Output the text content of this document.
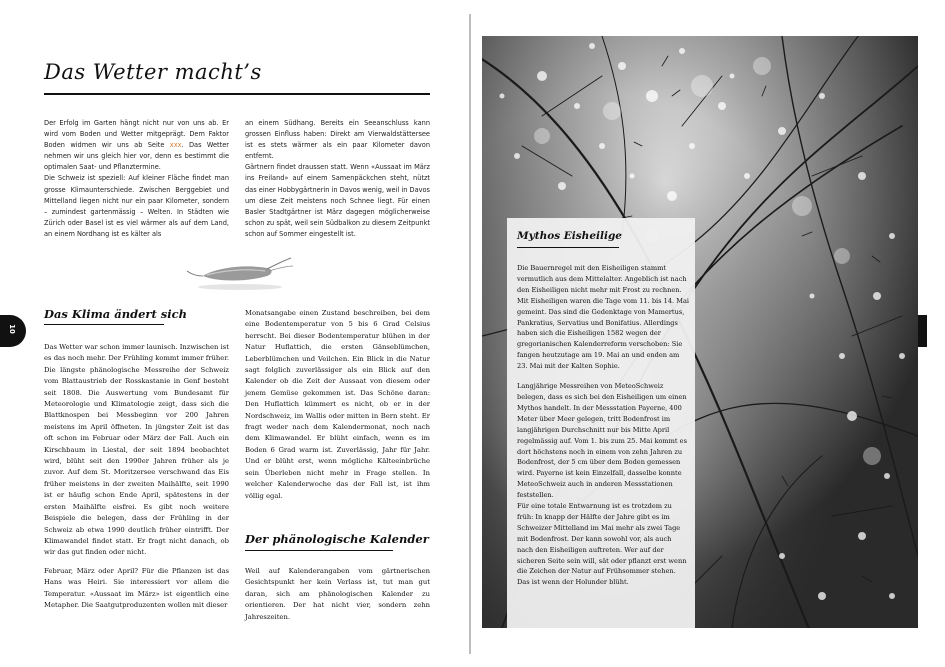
Das Wetter macht’s

Der Erfolg im Garten hängt nicht nur von uns ab. Er wird vom Boden und Wetter mitgeprägt. Dem Faktor Boden widmen wir uns ab Seite xxx. Das Wetter nehmen wir uns gleich hier vor, denn es bestimmt die optimalen Saat- und Pflanztermine.

Die Schweiz ist speziell: Auf kleiner Fläche findet man grosse Klimaunterschiede. Zwischen Berggebiet und Mittelland liegen nicht nur ein paar Kilometer, sondern – zumindest gartenmässig – Welten. In Städten wie Zürich oder Basel ist es viel wärmer als auf dem Land, an einem Nordhang ist es kälter als

an einem Südhang. Bereits ein Seeanschluss kann grossen Einfluss haben: Direkt am Vierwaldstättersee ist es stets wärmer als ein paar Kilometer davon entfernt.

Gärtnern findet draussen statt. Wenn «Aussaat im März ins Freiland» auf einem Samenpäckchen steht, nützt das einer Hobbygärtnerin in Davos wenig, weil in Davos um diese Zeit meistens noch Schnee liegt. Für einen Basler Stadtgärtner ist März dagegen möglicherweise schon zu spät, weil sein Südbalkon zu diesem Zeitpunkt schon auf Sommer eingestellt ist.

Das Klima ändert sich

Das Wetter war schon immer launisch. Inzwischen ist es das noch mehr. Der Frühling kommt immer früher. Die längste phänologische Messreihe der Schweiz vom Blattaustrieb der Rosskastanie in Genf besteht seit 1808. Die Auswertung vom Bundesamt für Meteorologie und Klimatologie zeigt, dass sich die Blattknospen bei Messbeginn vor 200 Jahren meistens im April öffneten. In jüngster Zeit ist das oft schon im Februar oder März der Fall. Auch ein Kirschbaum in Liestal, der seit 1894 beobachtet wird, blüht seit den 1990er Jahren früher als je zuvor. Auf dem St. Moritzersee verschwand das Eis früher meistens in der zweiten Maihälfte, seit 1990 ist er häufig schon Ende April, spätestens in der ersten Maihälfte eisfrei. Es gibt noch weitere Beispiele die belegen, dass der Frühling in der Schweiz ab etwa 1990 deutlich früher eintrifft. Der Klimawandel findet statt. Er fragt nicht danach, ob wir das gut finden oder nicht.

Februar, März oder April? Für die Pflanzen ist das Hans was Heiri. Sie interessiert vor allem die Temperatur. «Aussaat im März» ist eigentlich eine Metapher. Die Saatgutproduzenten wollen mit dieser

Monatsangabe einen Zustand beschreiben, bei dem eine Bodentemperatur von 5 bis 6 Grad Celsius herrscht. Bei dieser Bodentemperatur blühen in der Natur Huflattich, die ersten Gänseblümchen, Leberblümchen und Veilchen. Ein Blick in die Natur sagt folglich zuverlässiger als ein Blick auf den Kalender ob die Zeit der Aussaat von diesem oder jenem Gemüse gekommen ist. Das Schöne daran: Den Huflattich kümmert es nicht, ob er in der Nordschweiz, im Wallis oder mitten in Bern steht. Er fragt weder nach dem Kalendermonat, noch nach dem Klimawandel. Er blüht einfach, wenn es im Boden 6 Grad warm ist. Zuverlässig, Jahr für Jahr. Und er blüht erst, wenn mögliche Kälteeinbrüche sein Überleben nicht mehr in Frage stellen. In welcher Kalenderwoche das der Fall ist, ist ihm völlig egal.

Der phänologische Kalender

Weil auf Kalenderangaben vom gärtnerischen Gesichtspunkt her kein Verlass ist, tut man gut daran, sich am phänologischen Kalender zu orientieren. Der hat nicht vier, sondern zehn Jahreszeiten.

10
Mythos Eisheilige

Die Bauernregel mit den Eisheiligen stammt vermutlich aus dem Mittelalter. Angeblich ist nach den Eisheiligen nicht mehr mit Frost zu rechnen. Mit Eisheiligen waren die Tage vom 11. bis 14. Mai gemeint. Das sind die Gedenktage von Mamertus, Pankratius, Servatius und Bonifatius. Allerdings haben sich die Eisheiligen 1582 wegen der gregorianischen Kalenderreform verschoben: Sie fangen heutzutage am 19. Mai an und enden am 23. Mai mit der Kalten Sophie.

Langjährige Messreihen von MeteoSchweiz belegen, dass es sich bei den Eisheiligen um einen Mythos handelt. In der Messstation Payerne, 400 Meter über Meer gelegen, tritt Bodenfrost im langjährigen Durchschnitt nur bis Mitte April regelmässig auf. Vom 1. bis zum 25. Mai kommt es dort höchstens noch in einem von zehn Jahren zu Bodenfrost, der 5 cm über dem Boden gemessen wird. Payerne ist kein Einzelfall, dasselbe konnte MeteoSchweiz auch in anderen Messstationen feststellen.

Für eine totale Entwarnung ist es trotzdem zu früh: In knapp der Hälfte der Jahre gibt es im Schweizer Mittelland im Mai mehr als zwei Tage mit Bodenfrost. Der kann sowohl vor, als auch nach den Eisheiligen auftreten. Wer auf der sicheren Seite sein will, sät oder pflanzt erst wenn die Zeichen der Natur auf Frühsommer stehen. Das ist wenn der Holunder blüht.
